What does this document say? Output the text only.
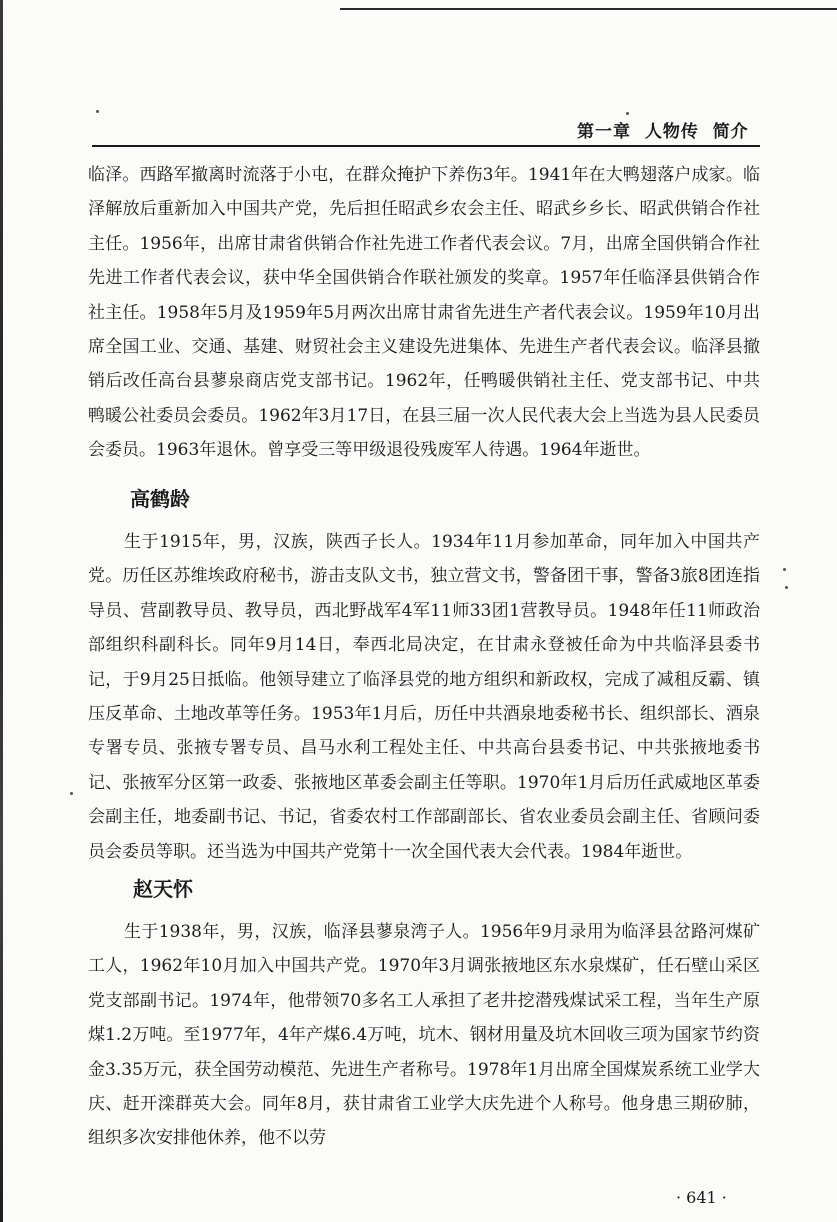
第一章 人物传 简介

临泽。西路军撤离时流落于小屯，在群众掩护下养伤3年。1941年在大鸭翅落户成家。临泽解放后重新加入中国共产党，先后担任昭武乡农会主任、昭武乡乡长、昭武供销合作社主任。1956年，出席甘肃省供销合作社先进工作者代表会议。7月，出席全国供销合作社先进工作者代表会议，获中华全国供销合作联社颁发的奖章。1957年任临泽县供销合作社主任。1958年5月及1959年5月两次出席甘肃省先进生产者代表会议。1959年10月出席全国工业、交通、基建、财贸社会主义建设先进集体、先进生产者代表会议。临泽县撤销后改任高台县蓼泉商店党支部书记。1962年，任鸭暖供销社主任、党支部书记、中共鸭暖公社委员会委员。1962年3月17日，在县三届一次人民代表大会上当选为县人民委员会委员。1963年退休。曾享受三等甲级退役残废军人待遇。1964年逝世。

高鹤龄

生于1915年，男，汉族，陕西子长人。1934年11月参加革命，同年加入中国共产党。历任区苏维埃政府秘书，游击支队文书，独立营文书，警备团干事，警备3旅8团连指导员、营副教导员、教导员，西北野战军4军11师33团1营教导员。1948年任11师政治部组织科副科长。同年9月14日，奉西北局决定，在甘肃永登被任命为中共临泽县委书记，于9月25日抵临。他领导建立了临泽县党的地方组织和新政权，完成了减租反霸、镇压反革命、土地改革等任务。1953年1月后，历任中共酒泉地委秘书长、组织部长、酒泉专署专员、张掖专署专员、昌马水利工程处主任、中共高台县委书记、中共张掖地委书记、张掖军分区第一政委、张掖地区革委会副主任等职。1970年1月后历任武威地区革委会副主任，地委副书记、书记，省委农村工作部副部长、省农业委员会副主任、省顾问委员会委员等职。还当选为中国共产党第十一次全国代表大会代表。1984年逝世。

赵天怀

生于1938年，男，汉族，临泽县蓼泉湾子人。1956年9月录用为临泽县岔路河煤矿工人，1962年10月加入中国共产党。1970年3月调张掖地区东水泉煤矿，任石壁山采区党支部副书记。1974年，他带领70多名工人承担了老井挖潜残煤试采工程，当年生产原煤1.2万吨。至1977年，4年产煤6.4万吨，坑木、钢材用量及坑木回收三项为国家节约资金3.35万元，获全国劳动模范、先进生产者称号。1978年1月出席全国煤炭系统工业学大庆、赶开滦群英大会。同年8月，获甘肃省工业学大庆先进个人称号。他身患三期矽肺，组织多次安排他休养，他不以劳

· 641 ·
